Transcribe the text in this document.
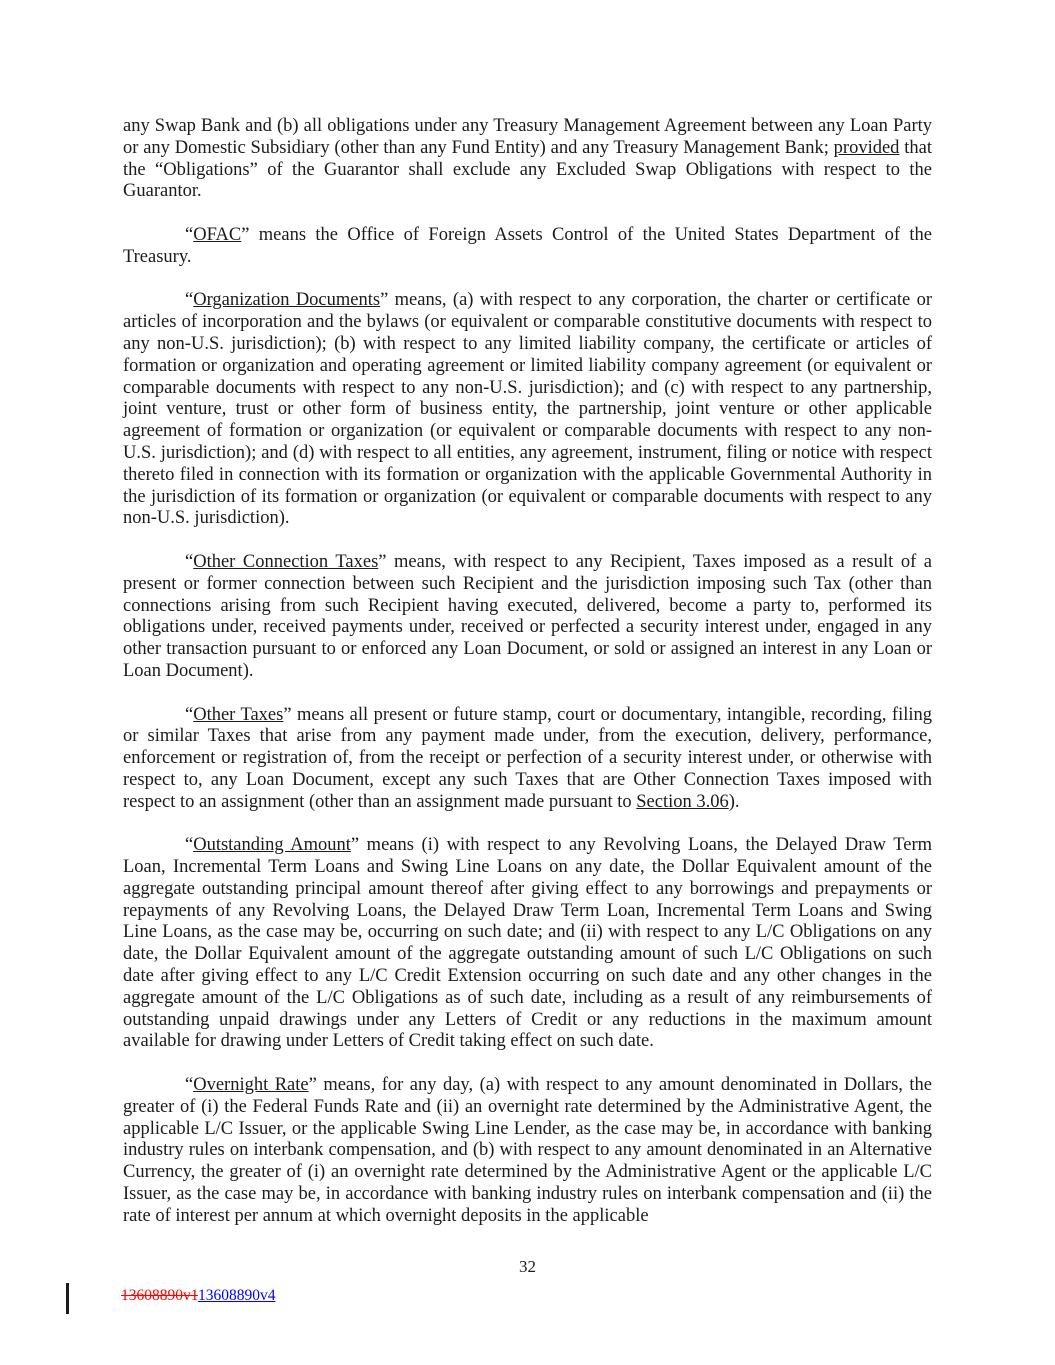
any Swap Bank and (b) all obligations under any Treasury Management Agreement between any Loan Party or any Domestic Subsidiary (other than any Fund Entity) and any Treasury Management Bank; provided that the “Obligations” of the Guarantor shall exclude any Excluded Swap Obligations with respect to the Guarantor.

“OFAC” means the Office of Foreign Assets Control of the United States Department of the Treasury.

“Organization Documents” means, (a) with respect to any corporation, the charter or certificate or articles of incorporation and the bylaws (or equivalent or comparable constitutive documents with respect to any non-U.S. jurisdiction); (b) with respect to any limited liability company, the certificate or articles of formation or organization and operating agreement or limited liability company agreement (or equivalent or comparable documents with respect to any non-U.S. jurisdiction); and (c) with respect to any partnership, joint venture, trust or other form of business entity, the partnership, joint venture or other applicable agreement of formation or organization (or equivalent or comparable documents with respect to any non-U.S. jurisdiction); and (d) with respect to all entities, any agreement, instrument, filing or notice with respect thereto filed in connection with its formation or organization with the applicable Governmental Authority in the jurisdiction of its formation or organization (or equivalent or comparable documents with respect to any non-U.S. jurisdiction).

“Other Connection Taxes” means, with respect to any Recipient, Taxes imposed as a result of a present or former connection between such Recipient and the jurisdiction imposing such Tax (other than connections arising from such Recipient having executed, delivered, become a party to, performed its obligations under, received payments under, received or perfected a security interest under, engaged in any other transaction pursuant to or enforced any Loan Document, or sold or assigned an interest in any Loan or Loan Document).

“Other Taxes” means all present or future stamp, court or documentary, intangible, recording, filing or similar Taxes that arise from any payment made under, from the execution, delivery, performance, enforcement or registration of, from the receipt or perfection of a security interest under, or otherwise with respect to, any Loan Document, except any such Taxes that are Other Connection Taxes imposed with respect to an assignment (other than an assignment made pursuant to Section 3.06).

“Outstanding Amount” means (i) with respect to any Revolving Loans, the Delayed Draw Term Loan, Incremental Term Loans and Swing Line Loans on any date, the Dollar Equivalent amount of the aggregate outstanding principal amount thereof after giving effect to any borrowings and prepayments or repayments of any Revolving Loans, the Delayed Draw Term Loan, Incremental Term Loans and Swing Line Loans, as the case may be, occurring on such date; and (ii) with respect to any L/C Obligations on any date, the Dollar Equivalent amount of the aggregate outstanding amount of such L/C Obligations on such date after giving effect to any L/C Credit Extension occurring on such date and any other changes in the aggregate amount of the L/C Obligations as of such date, including as a result of any reimbursements of outstanding unpaid drawings under any Letters of Credit or any reductions in the maximum amount available for drawing under Letters of Credit taking effect on such date.

“Overnight Rate” means, for any day, (a) with respect to any amount denominated in Dollars, the greater of (i) the Federal Funds Rate and (ii) an overnight rate determined by the Administrative Agent, the applicable L/C Issuer, or the applicable Swing Line Lender, as the case may be, in accordance with banking industry rules on interbank compensation, and (b) with respect to any amount denominated in an Alternative Currency, the greater of (i) an overnight rate determined by the Administrative Agent or the applicable L/C Issuer, as the case may be, in accordance with banking industry rules on interbank compensation and (ii) the rate of interest per annum at which overnight deposits in the applicable

32
13608890v113608890v4
